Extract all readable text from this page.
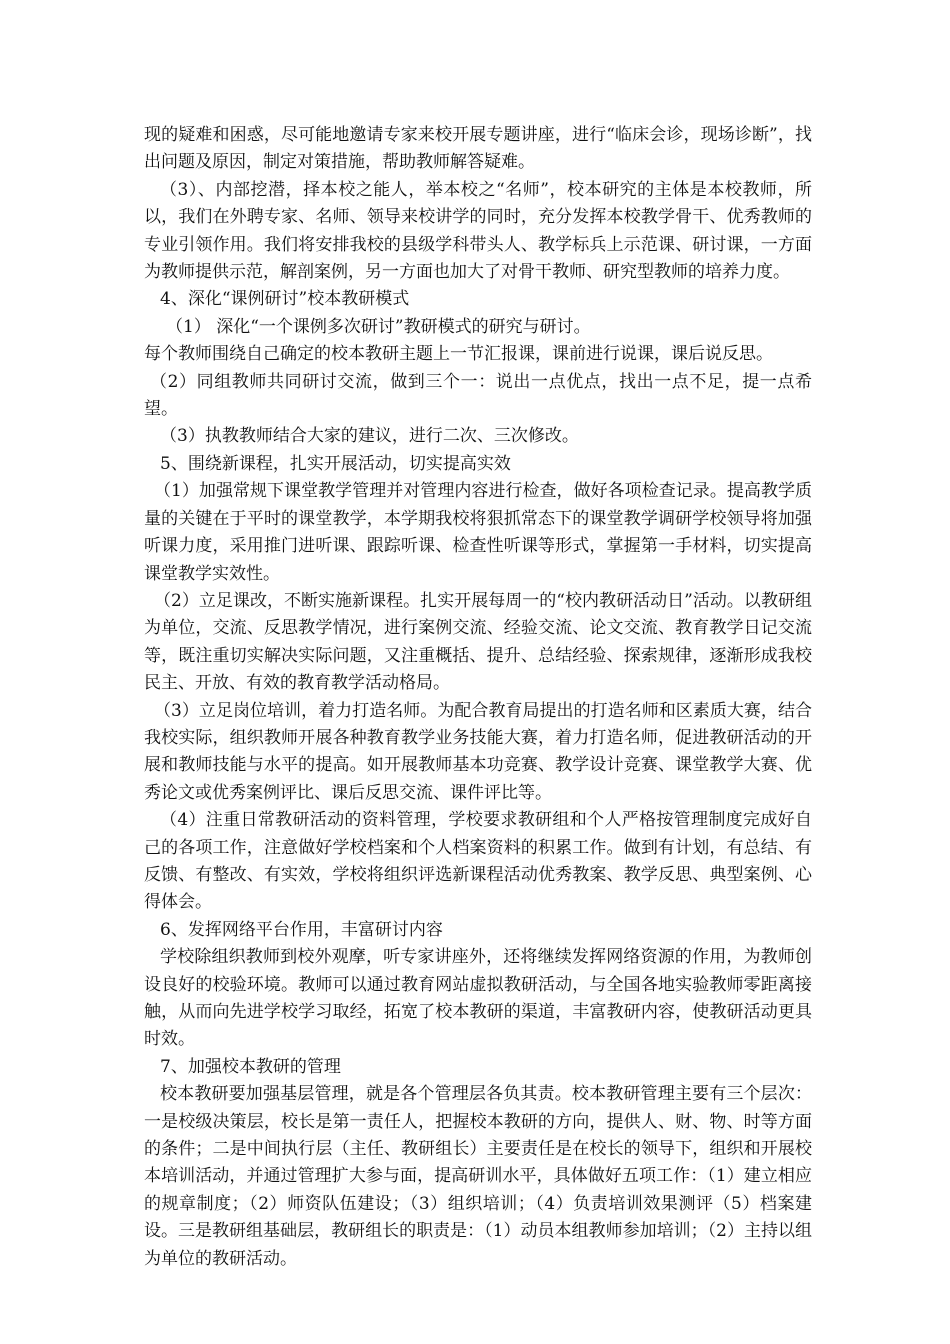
现的疑难和困惑，尽可能地邀请专家来校开展专题讲座，进行“临床会诊，现场诊断”，找出问题及原因，制定对策措施，帮助教师解答疑难。

（3）、内部挖潜，择本校之能人，举本校之“名师”，校本研究的主体是本校教师，所以，我们在外聘专家、名师、领导来校讲学的同时，充分发挥本校教学骨干、优秀教师的专业引领作用。我们将安排我校的县级学科带头人、教学标兵上示范课、研讨课，一方面为教师提供示范，解剖案例，另一方面也加大了对骨干教师、研究型教师的培养力度。

4、深化“课例研讨”校本教研模式

（1） 深化“一个课例多次研讨”教研模式的研究与研讨。

每个教师围绕自己确定的校本教研主题上一节汇报课，课前进行说课，课后说反思。

（2）同组教师共同研讨交流，做到三个一：说出一点优点，找出一点不足，提一点希望。

（3）执教教师结合大家的建议，进行二次、三次修改。

5、围绕新课程，扎实开展活动，切实提高实效

（1）加强常规下课堂教学管理并对管理内容进行检查，做好各项检查记录。提高教学质量的关键在于平时的课堂教学，本学期我校将狠抓常态下的课堂教学调研学校领导将加强听课力度，采用推门进听课、跟踪听课、检查性听课等形式，掌握第一手材料，切实提高课堂教学实效性。

（2）立足课改，不断实施新课程。扎实开展每周一的“校内教研活动日”活动。以教研组为单位，交流、反思教学情况，进行案例交流、经验交流、论文交流、教育教学日记交流等，既注重切实解决实际问题，又注重概括、提升、总结经验、探索规律，逐渐形成我校民主、开放、有效的教育教学活动格局。

（3）立足岗位培训，着力打造名师。为配合教育局提出的打造名师和区素质大赛，结合我校实际，组织教师开展各种教育教学业务技能大赛，着力打造名师，促进教研活动的开展和教师技能与水平的提高。如开展教师基本功竞赛、教学设计竞赛、课堂教学大赛、优秀论文或优秀案例评比、课后反思交流、课件评比等。

（4）注重日常教研活动的资料管理，学校要求教研组和个人严格按管理制度完成好自己的各项工作，注意做好学校档案和个人档案资料的积累工作。做到有计划，有总结、有反馈、有整改、有实效，学校将组织评选新课程活动优秀教案、教学反思、典型案例、心得体会。

6、发挥网络平台作用，丰富研讨内容

学校除组织教师到校外观摩，听专家讲座外，还将继续发挥网络资源的作用，为教师创设良好的校验环境。教师可以通过教育网站虚拟教研活动，与全国各地实验教师零距离接触，从而向先进学校学习取经，拓宽了校本教研的渠道，丰富教研内容，使教研活动更具时效。

7、加强校本教研的管理

校本教研要加强基层管理，就是各个管理层各负其责。校本教研管理主要有三个层次：一是校级决策层，校长是第一责任人，把握校本教研的方向，提供人、财、物、时等方面的条件；二是中间执行层（主任、教研组长）主要责任是在校长的领导下，组织和开展校本培训活动，并通过管理扩大参与面，提高研训水平，具体做好五项工作：（1）建立相应的规章制度；（2）师资队伍建设；（3）组织培训；（4）负责培训效果测评（5）档案建设。三是教研组基础层，教研组长的职责是：（1）动员本组教师参加培训；（2）主持以组为单位的教研活动。
